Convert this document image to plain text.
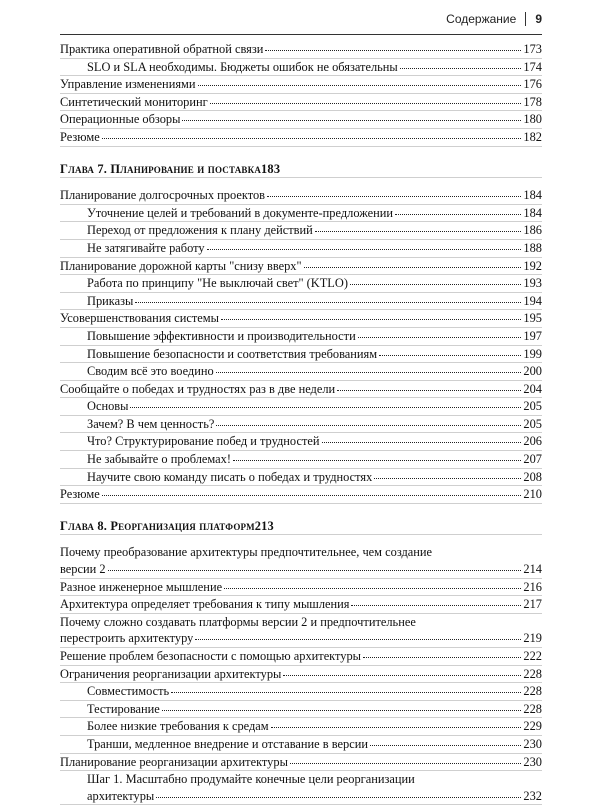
Содержание 9
Практика оперативной обратной связи	173
SLO и SLA необходимы. Бюджеты ошибок не обязательны	174
Управление изменениями	176
Синтетический мониторинг	178
Операционные обзоры	180
Резюме	182
Глава 7. Планирование и поставка183
Планирование долгосрочных проектов	184
Уточнение целей и требований в документе-предложении	184
Переход от предложения к плану действий	186
Не затягивайте работу	188
Планирование дорожной карты "снизу вверх"	192
Работа по принципу "Не выключай свет" (KTLO)	193
Приказы	194
Усовершенствования системы	195
Повышение эффективности и производительности	197
Повышение безопасности и соответствия требованиям	199
Сводим всё это воедино	200
Сообщайте о победах и трудностях раз в две недели	204
Основы	205
Зачем? В чем ценность?	205
Что? Структурирование побед и трудностей	206
Не забывайте о проблемах!	207
Научите свою команду писать о победах и трудностях	208
Резюме	210
Глава 8. Реорганизация платформ213
Почему преобразование архитектуры предпочтительнее, чем создание
версии 2	214
Разное инженерное мышление	216
Архитектура определяет требования к типу мышления	217
Почему сложно создавать платформы версии 2 и предпочтительнее
перестроить архитектуру	219
Решение проблем безопасности с помощью архитектуры	222
Ограничения реорганизации архитектуры	228
Совместимость	228
Тестирование	228
Более низкие требования к средам	229
Транши, медленное внедрение и отставание в версии	230
Планирование реорганизации архитектуры	230
Шаг 1. Масштабно продумайте конечные цели реорганизации
архитектуры	232
